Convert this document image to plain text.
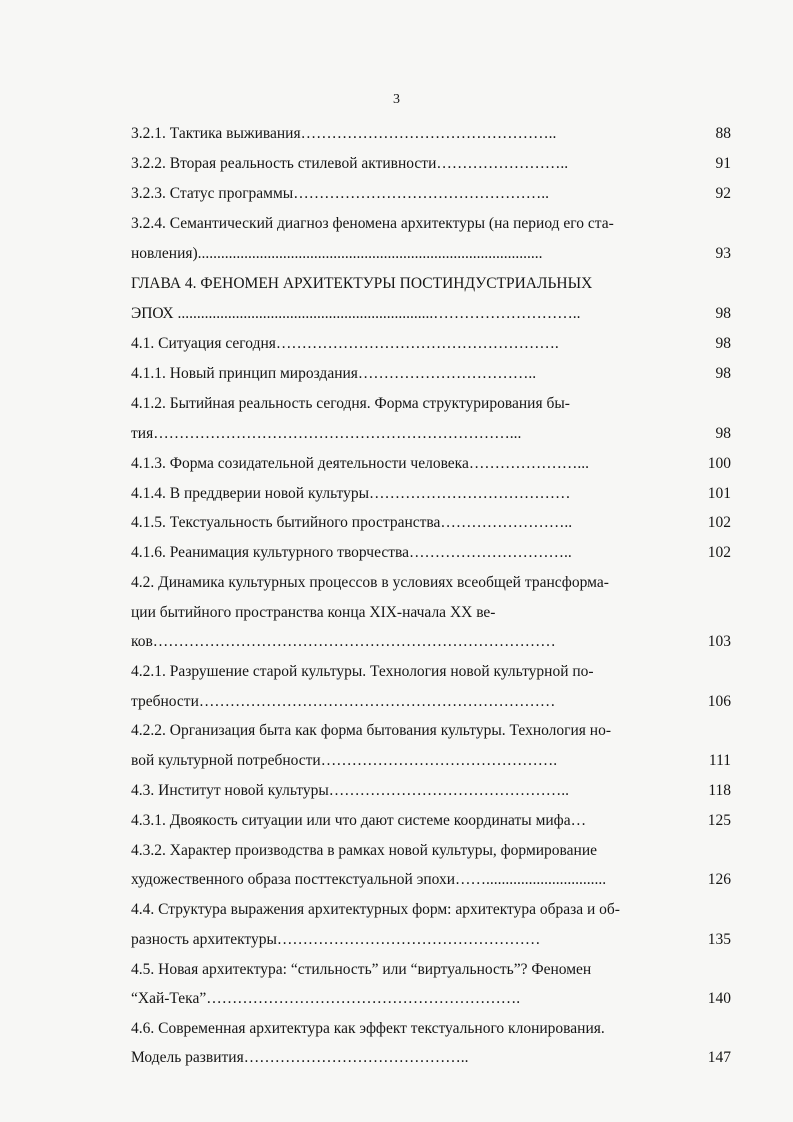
3
3.2.1. Тактика выживания…………………………………………..	88
3.2.2. Вторая реальность стилевой активности……………………..	91
3.2.3. Статус программы…………………………………………..	92
3.2.4. Семантический диагноз феномена архитектуры (на период его ста-
новления).........................................................................................	93
ГЛАВА 4. ФЕНОМЕН АРХИТЕКТУРЫ ПОСТИНДУСТРИАЛЬНЫХ
ЭПОХ ..................................................................………………………..	98
4.1. Ситуация сегодня……………………………………………….	98
4.1.1. Новый принцип мироздания……………………………..	98
4.1.2. Бытийная реальность сегодня. Форма структурирования бы-
тия……………………………………………………………...	98
4.1.3. Форма созидательной деятельности человека…………………...	100
4.1.4. В преддверии новой культуры…………………………………	101
4.1.5. Текстуальность бытийного пространства……………………..	102
4.1.6. Реанимация культурного творчества…………………………..	102
4.2. Динамика культурных процессов в условиях всеобщей трансформа-
ции бытийного пространства конца XIX-начала XX ве-
ков……………………………………………………………………	103
4.2.1. Разрушение старой культуры. Технология новой культурной по-
требности……………………………………………………………	106
4.2.2. Организация быта как форма бытования культуры. Технология но-
вой культурной потребности……………………………………….	111
4.3. Институт новой культуры………………………………………..	118
4.3.1. Двоякость ситуации или что дают системе координаты мифа…	125
4.3.2. Характер производства в рамках новой культуры, формирование
художественного образа посттекстуальной эпохи……...............................	126
4.4. Структура выражения архитектурных форм: архитектура образа и об-
разность архитектуры……………………………………………	135
4.5. Новая архитектура: “стильность” или “виртуальность”? Феномен
“Хай-Тека”…………………………………………………….	140
4.6. Современная архитектура как эффект текстуального клонирования.
Модель развития……………………………………..	147
